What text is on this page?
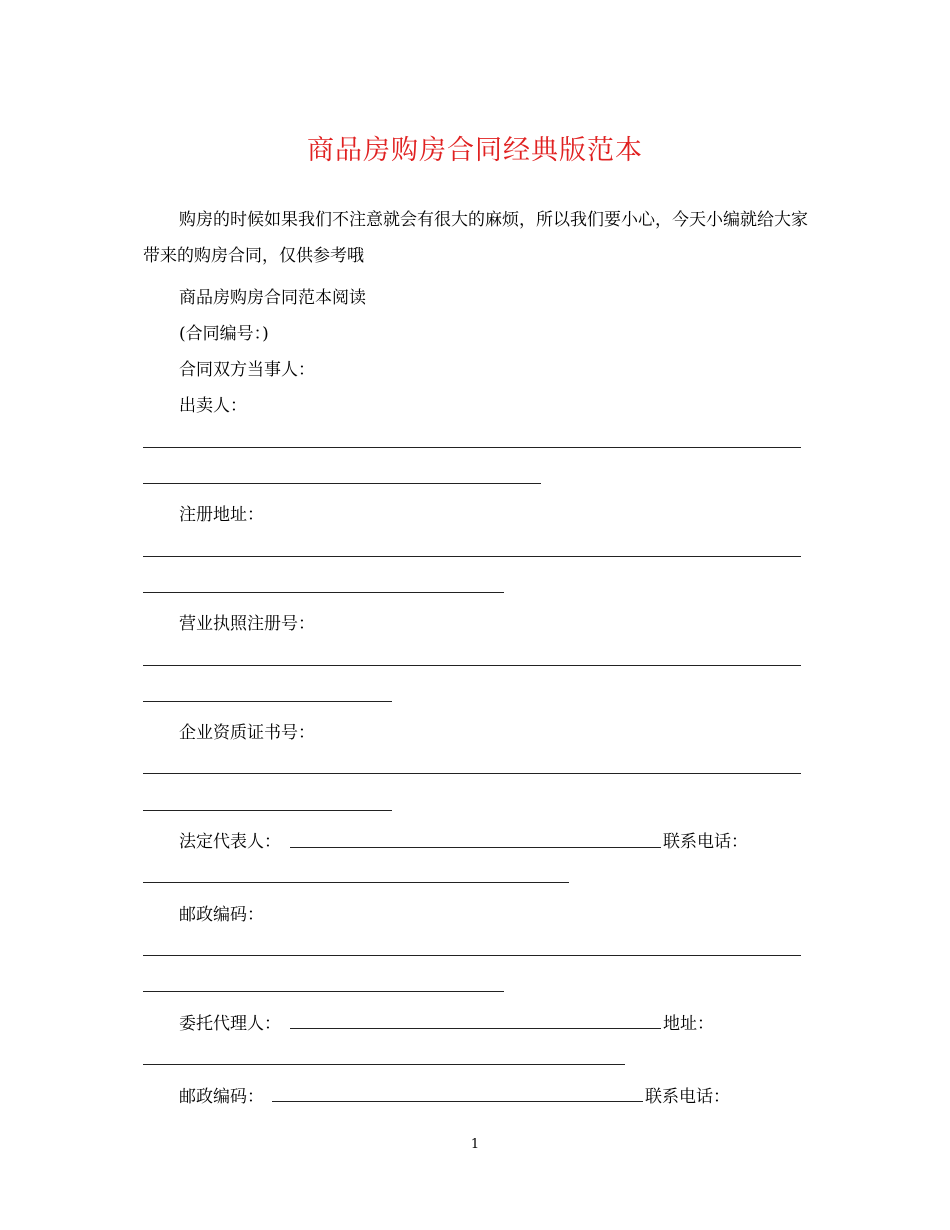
商品房购房合同经典版范本
购房的时候如果我们不注意就会有很大的麻烦，所以我们要小心，今天小编就给大家带来的购房合同，仅供参考哦
商品房购房合同范本阅读
(合同编号：)
合同双方当事人：
出卖人：
注册地址：
营业执照注册号：
企业资质证书号：
法定代表人：	联系电话：
邮政编码：
委托代理人：	地址：
邮政编码：	联系电话：
1
